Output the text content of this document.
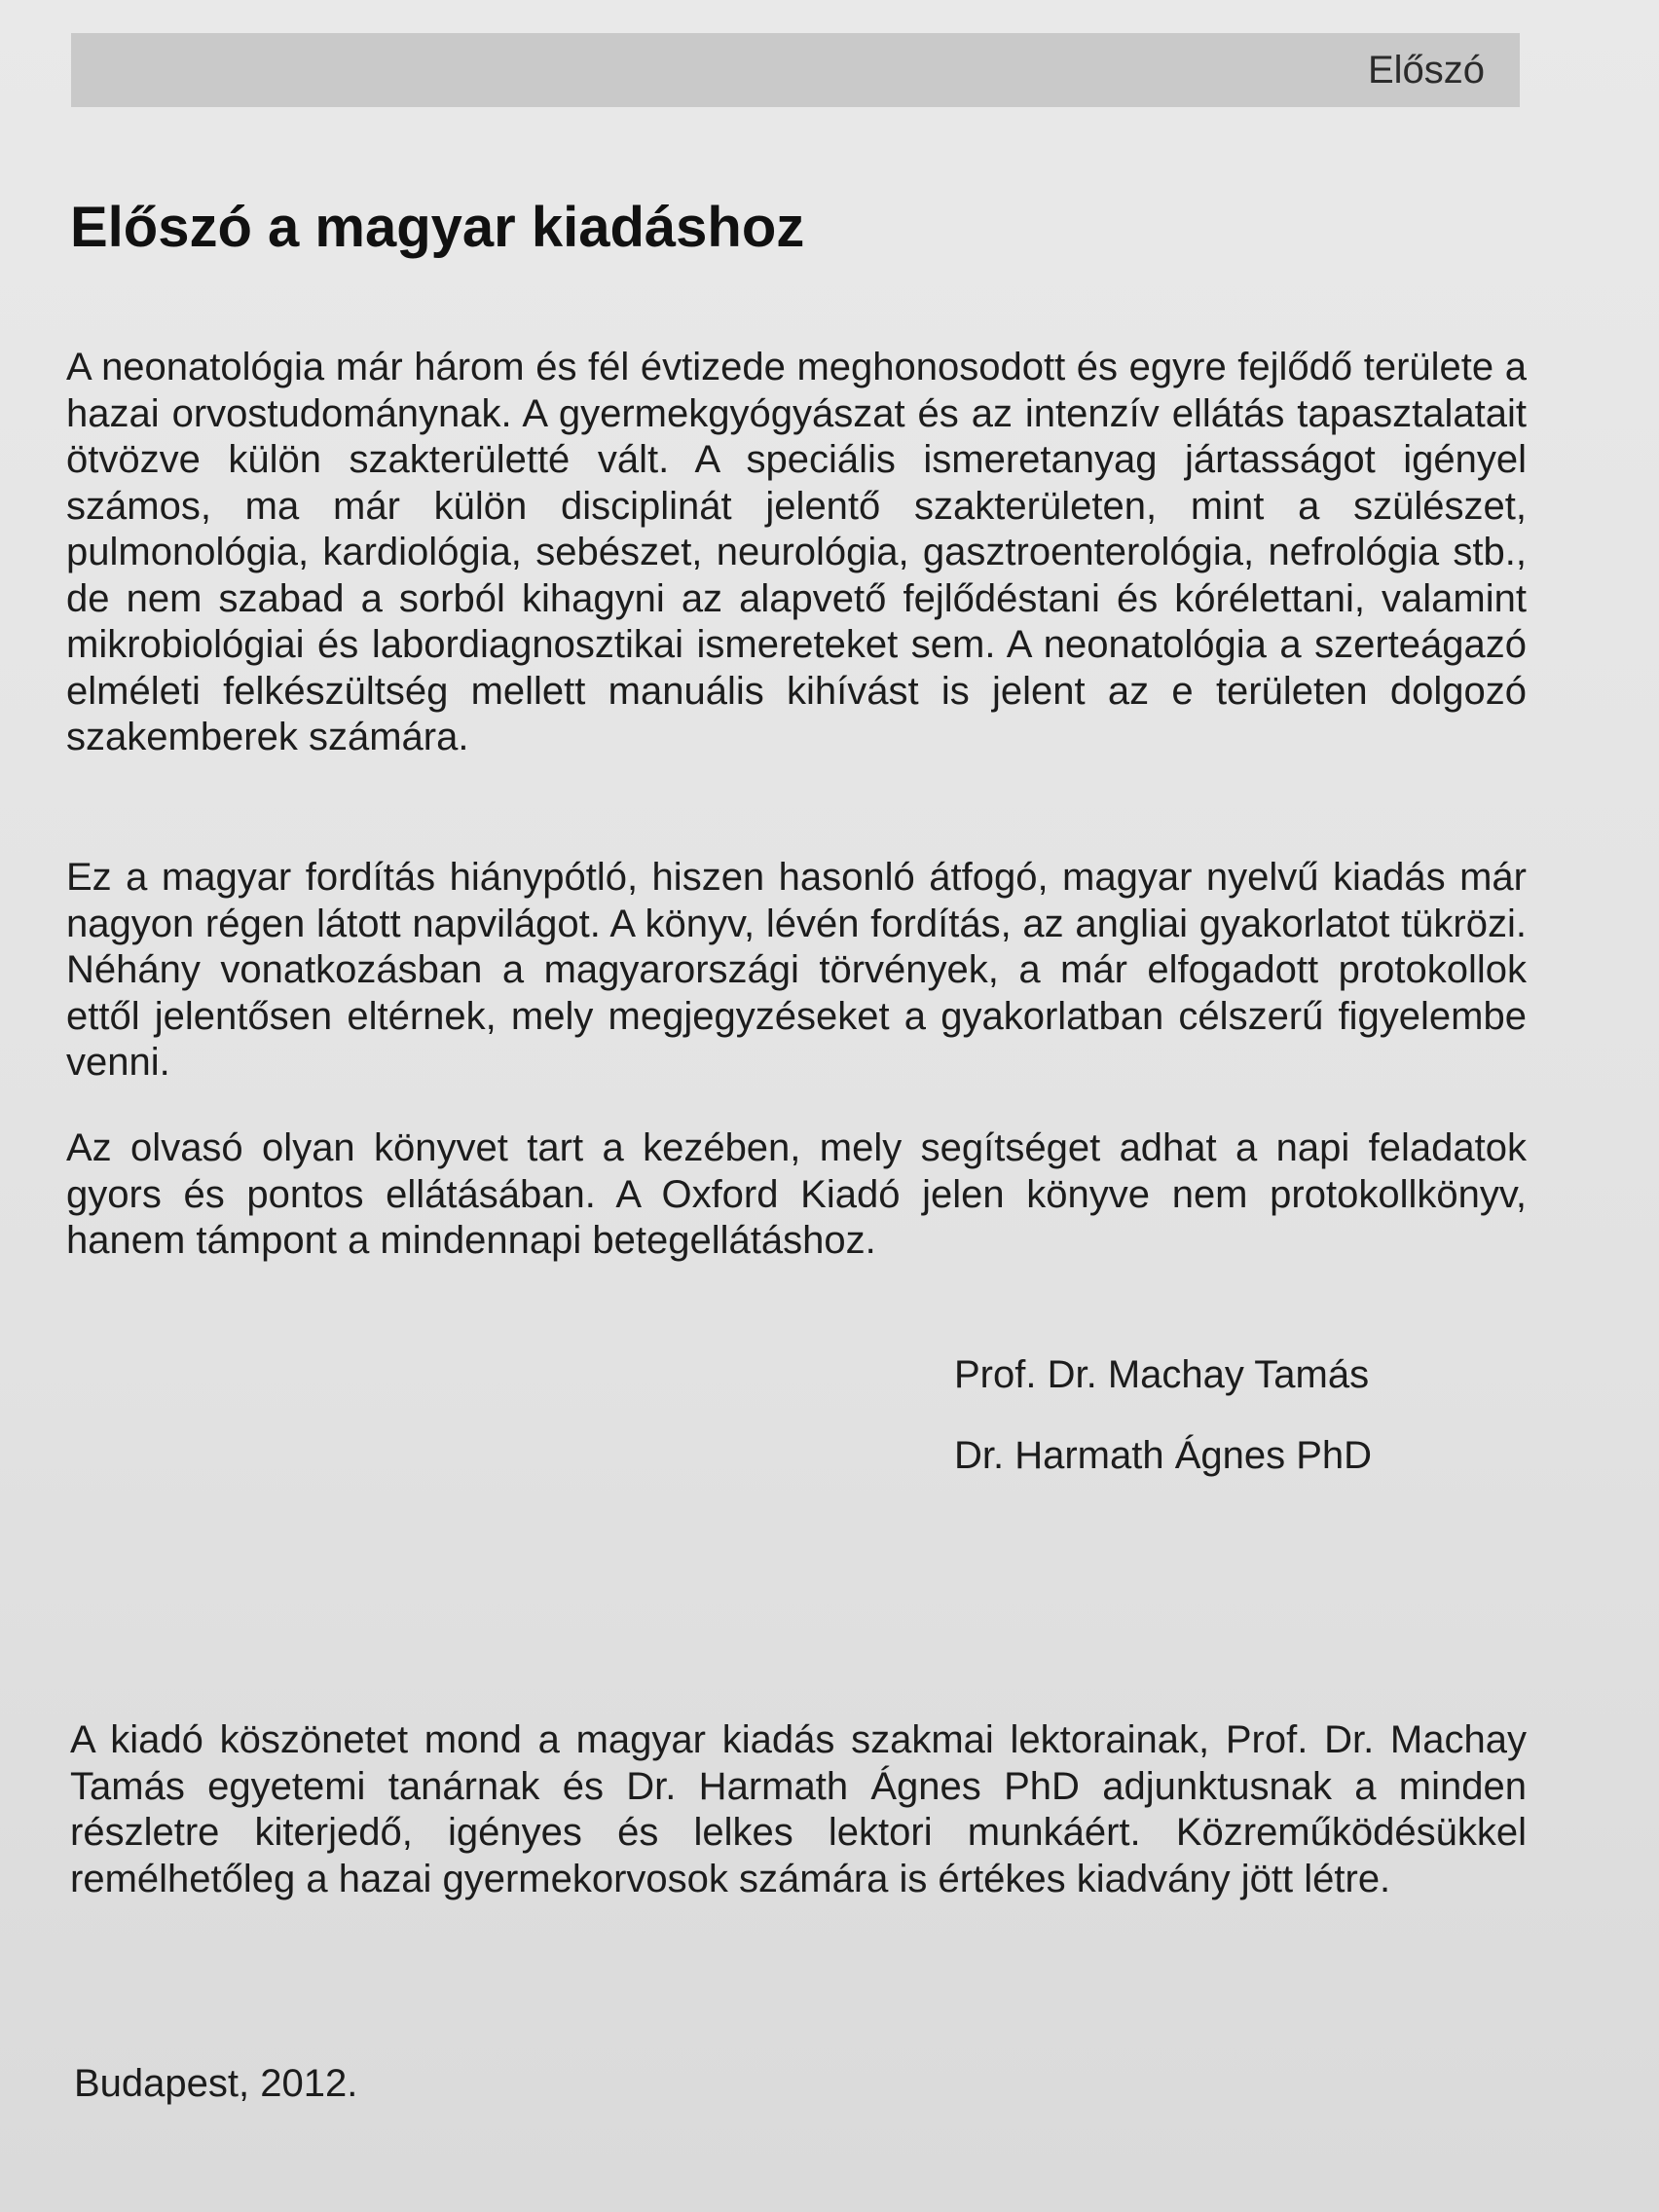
Előszó
Előszó a magyar kiadáshoz

A neonatológia már három és fél évtizede meghonosodott és egyre fejlődő területe a hazai orvostudománynak. A gyermekgyógyászat és az intenzív ellátás tapasztalatait ötvözve külön szakterületté vált. A speciális ismeretanyag jártasságot igényel számos, ma már külön disciplinát jelentő szakterületen, mint a szülészet, pulmonológia, kardiológia, sebészet, neurológia, gasztroenterológia, nefrológia stb., de nem szabad a sorból kihagyni az alapvető fejlődéstani és kórélettani, valamint mikrobiológiai és labordiagnosztikai ismereteket sem. A neonatológia a szerteágazó elméleti felkészültség mellett manuális kihívást is jelent az e területen dolgozó szakemberek számára.

Ez a magyar fordítás hiánypótló, hiszen hasonló átfogó, magyar nyelvű kiadás már nagyon régen látott napvilágot. A könyv, lévén fordítás, az angliai gyakorlatot tükrözi. Néhány vonatkozásban a magyarországi törvények, a már elfogadott protokollok ettől jelentősen eltérnek, mely megjegyzéseket a gyakorlatban célszerű figyelembe venni.

Az olvasó olyan könyvet tart a kezében, mely segítséget adhat a napi feladatok gyors és pontos ellátásában. A Oxford Kiadó jelen könyve nem protokollkönyv, hanem támpont a mindennapi betegellátáshoz.

Prof. Dr. Machay Tamás

Dr. Harmath Ágnes PhD

A kiadó köszönetet mond a magyar kiadás szakmai lektorainak, Prof. Dr. Machay Tamás egyetemi tanárnak és Dr. Harmath Ágnes PhD adjunktusnak a minden részletre kiterjedő, igényes és lelkes lektori munkáért. Közreműködésükkel remélhetőleg a hazai gyermekorvosok számára is értékes kiadvány jött létre.

Budapest, 2012.
